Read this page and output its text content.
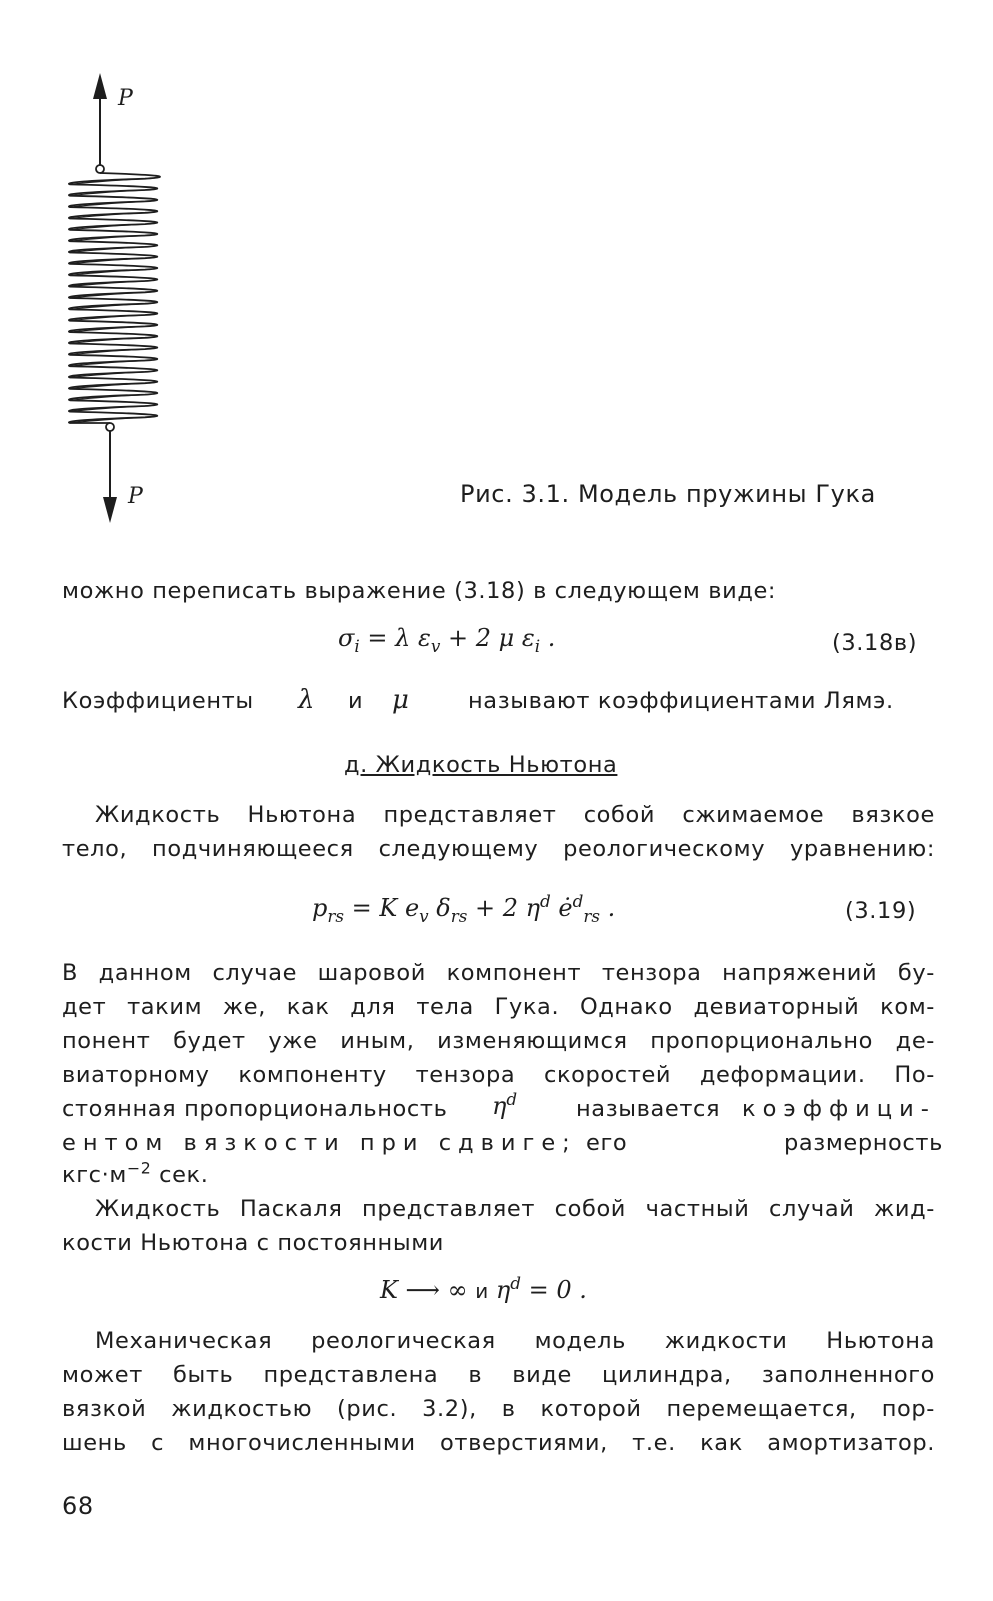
P
P	Рис. 3.1. Модель пружины Гука
можно переписать выражение (3.18) в следующем виде:
$\sigma_i = \lambda$ $\varepsilon_v + 2$ μ $\varepsilon_i$ .	(3.18в)
Коэффициенты λ и μ	называют коэффициентами Лямэ.
д. Жидкость Ньютона
Жидкость Ньютона представляет собой сжимаемое вязкое
тело, подчиняющееся следующему реологическому уравнению:
$p_{rs} = K$ $e_v$ $\delta_{rs} + 2$ $\eta^d$ $ė^d_{rs}$ .	(3.19)
В данном случае шаровой компонент тензора напряжений бу-
дет таким же, как для тела Гука. Однако девиаторный ком-
понент будет уже иным, изменяющимся пропорционально де-
виаторному компоненту тензора скоростей деформации. По-
стоянная пропорциональность $\eta^d$	называется коэффици-
ентом вязкости при сдвиге; его	размерность
$кгс\cdot м^{-2}$ сек.
Жидкость Паскаля представляет собой частный случай жид-
кости Ньютона с постоянными
K ⟶ ∞ и $\eta^d = 0$ .
Механическая реологическая модель жидкости Ньютона
может быть представлена в виде цилиндра, заполненного
вязкой жидкостью (рис. 3.2), в которой перемещается, пор-
шень с многочисленными отверстиями, т.е. как амортизатор.
68
